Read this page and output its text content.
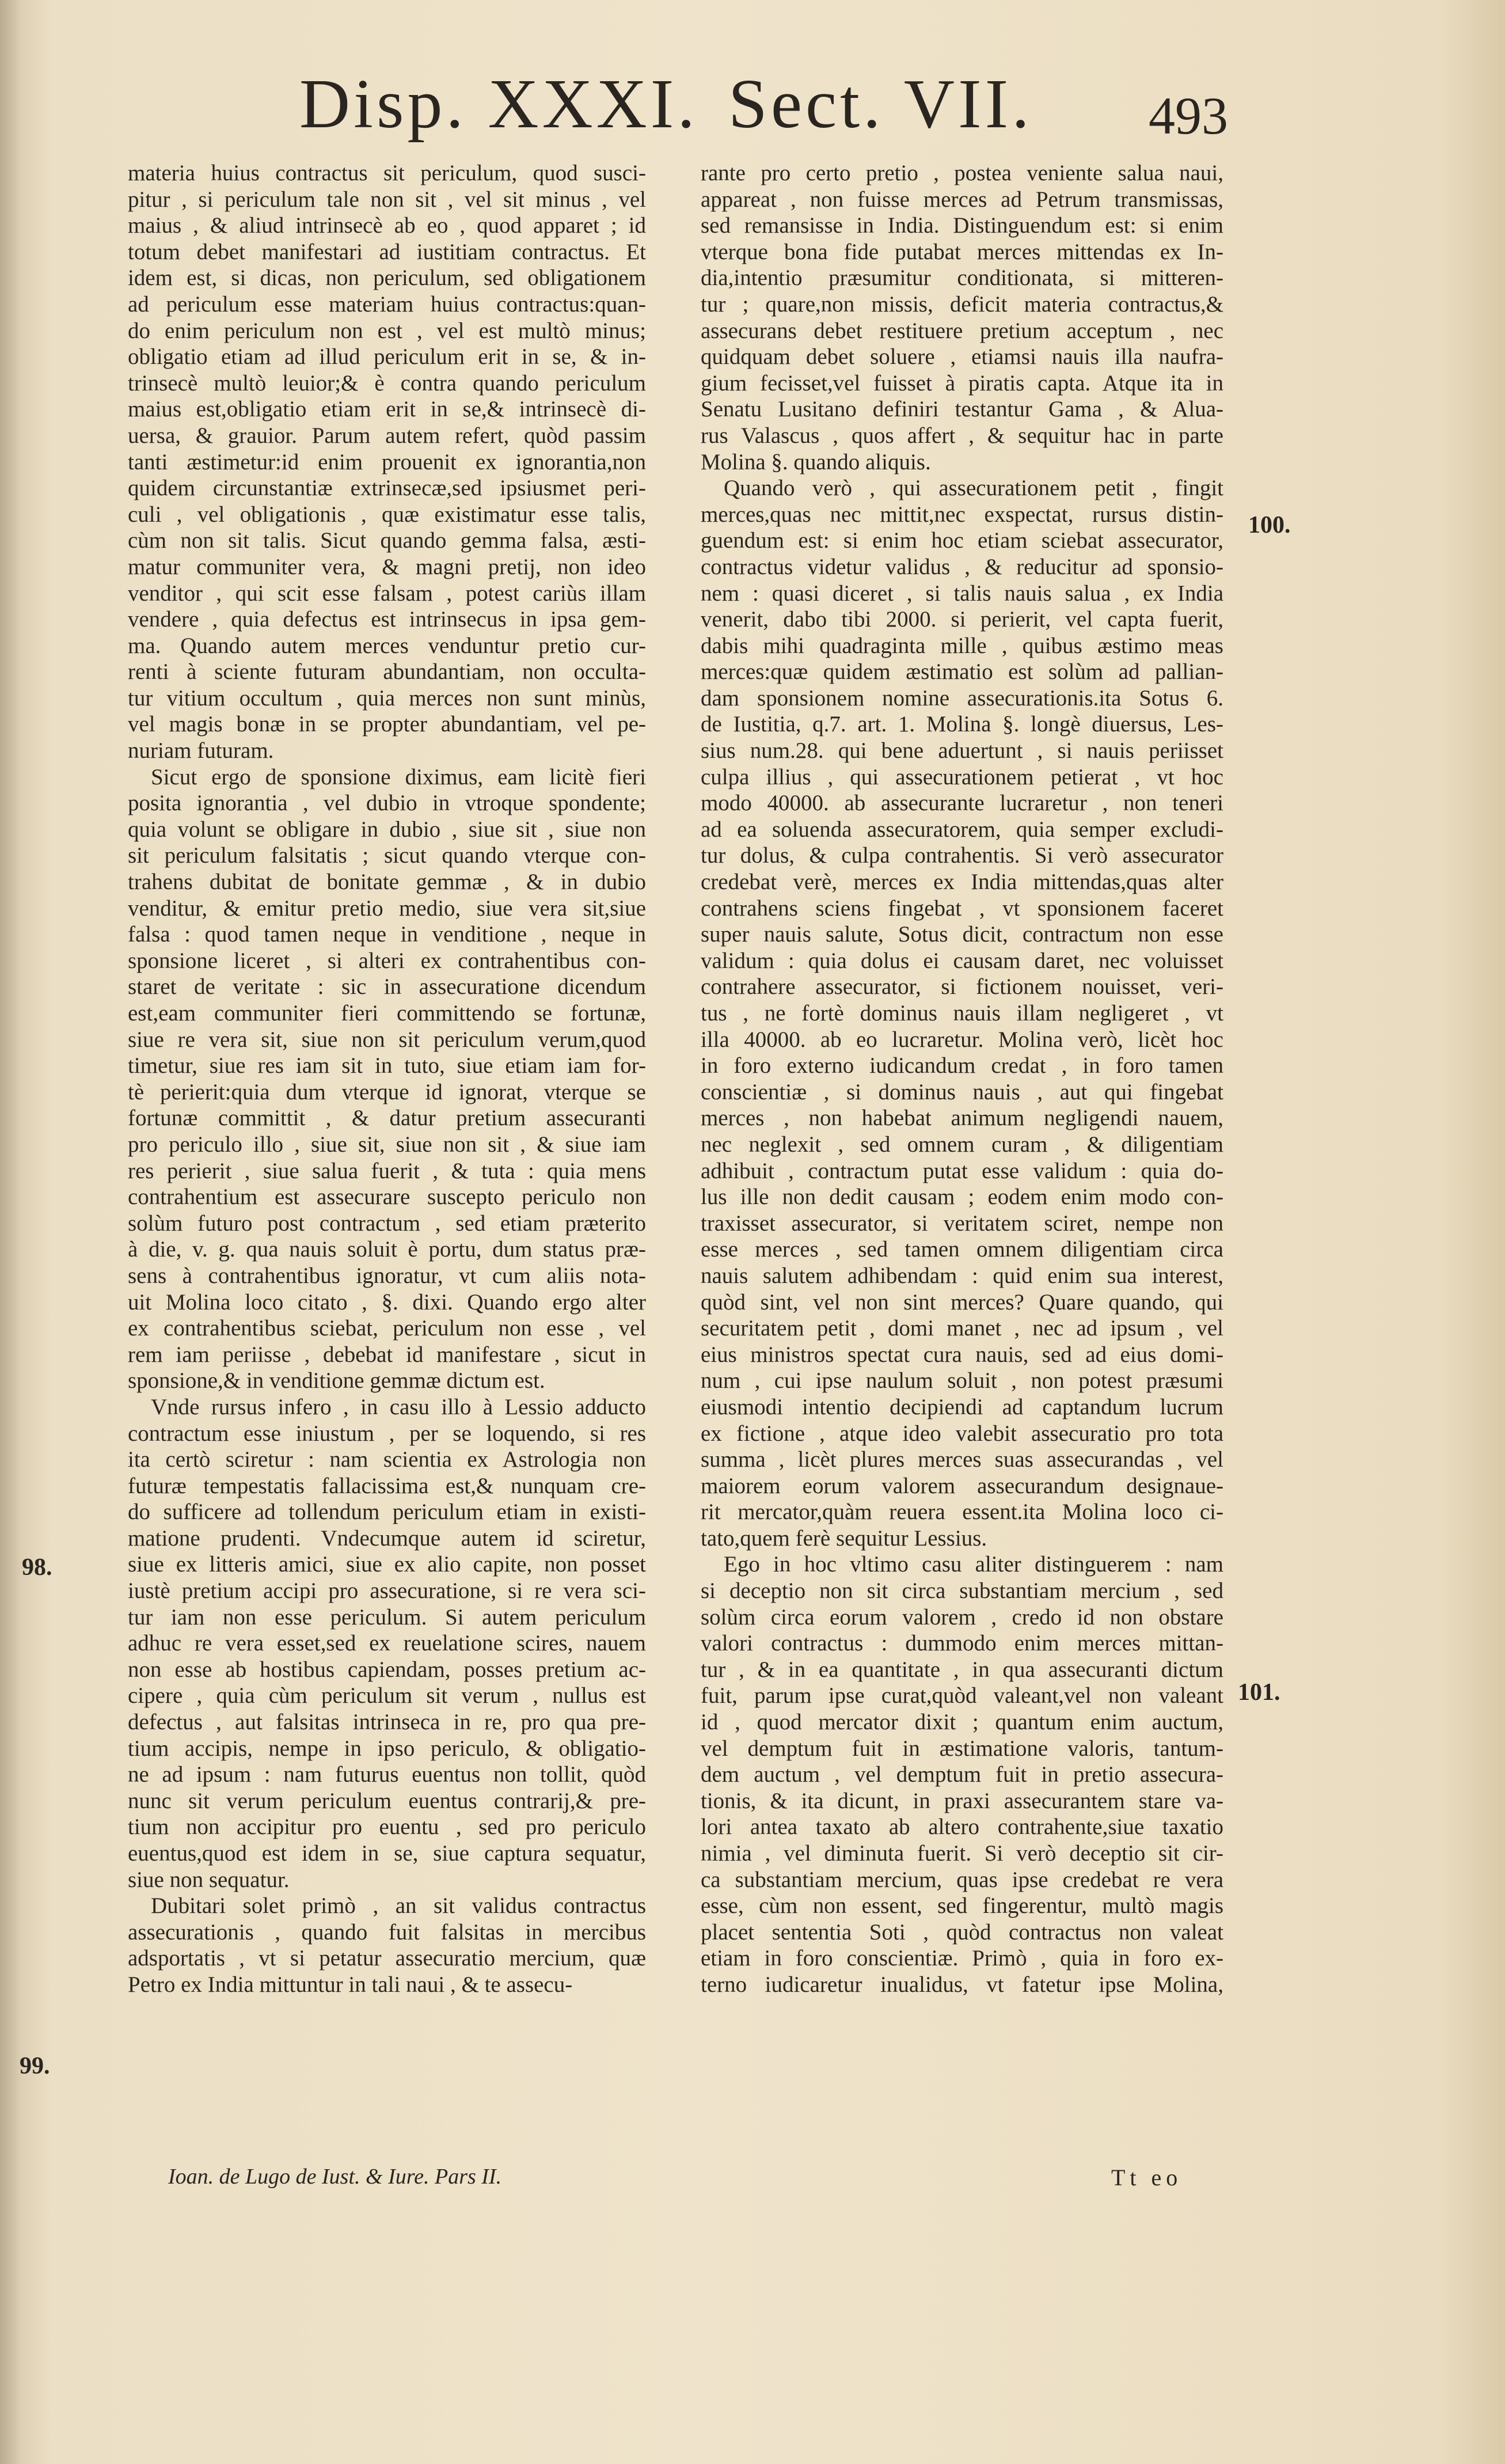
Disp. XXXI. Sect. VII. 493
materia huius contractus sit periculum, quod susci-
pitur , si periculum tale non sit , vel sit minus , vel
maius , & aliud intrinsecè ab eo , quod apparet ; id
totum debet manifestari ad iustitiam contractus. Et
idem est, si dicas, non periculum, sed obligationem
ad periculum esse materiam huius contractus:quan-
do enim periculum non est , vel est multò minus;
obligatio etiam ad illud periculum erit in se, & in-
trinsecè multò leuior;& è contra quando periculum
maius est,obligatio etiam erit in se,& intrinsecè di-
uersa, & grauior. Parum autem refert, quòd passim
tanti æstimetur:id enim prouenit ex ignorantia,non
quidem circunstantiæ extrinsecæ,sed ipsiusmet peri-
culi , vel obligationis , quæ existimatur esse talis,
cùm non sit talis. Sicut quando gemma falsa, æsti-
matur communiter vera, & magni pretij, non ideo
venditor , qui scit esse falsam , potest cariùs illam
vendere , quia defectus est intrinsecus in ipsa gem-
ma. Quando autem merces venduntur pretio cur-
renti à sciente futuram abundantiam, non occulta-
tur vitium occultum , quia merces non sunt minùs,
vel magis bonæ in se propter abundantiam, vel pe-
nuriam futuram.
Sicut ergo de sponsione diximus, eam licitè fieri
posita ignorantia , vel dubio in vtroque spondente;
quia volunt se obligare in dubio , siue sit , siue non
sit periculum falsitatis ; sicut quando vterque con-
trahens dubitat de bonitate gemmæ , & in dubio
venditur, & emitur pretio medio, siue vera sit,siue
falsa : quod tamen neque in venditione , neque in
sponsione liceret , si alteri ex contrahentibus con-
staret de veritate : sic in assecuratione dicendum
est,eam communiter fieri committendo se fortunæ,
siue re vera sit, siue non sit periculum verum,quod
timetur, siue res iam sit in tuto, siue etiam iam for-
tè perierit:quia dum vterque id ignorat, vterque se
fortunæ committit , & datur pretium assecuranti
pro periculo illo , siue sit, siue non sit , & siue iam
res perierit , siue salua fuerit , & tuta : quia mens
contrahentium est assecurare suscepto periculo non
solùm futuro post contractum , sed etiam præterito
à die, v. g. qua nauis soluit è portu, dum status præ-
sens à contrahentibus ignoratur, vt cum aliis nota-
uit Molina loco citato , §. dixi. Quando ergo alter
ex contrahentibus sciebat, periculum non esse , vel
rem iam periisse , debebat id manifestare , sicut in
sponsione,& in venditione gemmæ dictum est.
Vnde rursus infero , in casu illo à Lessio adducto
contractum esse iniustum , per se loquendo, si res
ita certò sciretur : nam scientia ex Astrologia non
futuræ tempestatis fallacissima est,& nunquam cre-
do sufficere ad tollendum periculum etiam in existi-
matione prudenti. Vndecumque autem id sciretur,
siue ex litteris amici, siue ex alio capite, non posset
iustè pretium accipi pro assecuratione, si re vera sci-
tur iam non esse periculum. Si autem periculum
adhuc re vera esset,sed ex reuelatione scires, nauem
non esse ab hostibus capiendam, posses pretium ac-
cipere , quia cùm periculum sit verum , nullus est
defectus , aut falsitas intrinseca in re, pro qua pre-
tium accipis, nempe in ipso periculo, & obligatio-
ne ad ipsum : nam futurus euentus non tollit, quòd
nunc sit verum periculum euentus contrarij,& pre-
tium non accipitur pro euentu , sed pro periculo
euentus,quod est idem in se, siue captura sequatur,
siue non sequatur.
Dubitari solet primò , an sit validus contractus
assecurationis , quando fuit falsitas in mercibus
adsportatis , vt si petatur assecuratio mercium, quæ
Petro ex India mittuntur in tali naui , & te assecu-
rante pro certo pretio , postea veniente salua naui,
appareat , non fuisse merces ad Petrum transmissas,
sed remansisse in India. Distinguendum est: si enim
vterque bona fide putabat merces mittendas ex In-
dia,intentio præsumitur conditionata, si mitteren-
tur ; quare,non missis, deficit materia contractus,&
assecurans debet restituere pretium acceptum , nec
quidquam debet soluere , etiamsi nauis illa naufra-
gium fecisset,vel fuisset à piratis capta. Atque ita in
Senatu Lusitano definiri testantur Gama , & Alua-
rus Valascus , quos affert , & sequitur hac in parte
Molina §. quando aliquis.
Quando verò , qui assecurationem petit , fingit
merces,quas nec mittit,nec exspectat, rursus distin-
guendum est: si enim hoc etiam sciebat assecurator,
contractus videtur validus , & reducitur ad sponsio-
nem : quasi diceret , si talis nauis salua , ex India
venerit, dabo tibi 2000. si perierit, vel capta fuerit,
dabis mihi quadraginta mille , quibus æstimo meas
merces:quæ quidem æstimatio est solùm ad pallian-
dam sponsionem nomine assecurationis.ita Sotus 6.
de Iustitia, q.7. art. 1. Molina §. longè diuersus, Les-
sius num.28. qui bene aduertunt , si nauis periisset
culpa illius , qui assecurationem petierat , vt hoc
modo 40000. ab assecurante lucraretur , non teneri
ad ea soluenda assecuratorem, quia semper excludi-
tur dolus, & culpa contrahentis. Si verò assecurator
credebat verè, merces ex India mittendas,quas alter
contrahens sciens fingebat , vt sponsionem faceret
super nauis salute, Sotus dicit, contractum non esse
validum : quia dolus ei causam daret, nec voluisset
contrahere assecurator, si fictionem nouisset, veri-
tus , ne fortè dominus nauis illam negligeret , vt
illa 40000. ab eo lucraretur. Molina verò, licèt hoc
in foro externo iudicandum credat , in foro tamen
conscientiæ , si dominus nauis , aut qui fingebat
merces , non habebat animum negligendi nauem,
nec neglexit , sed omnem curam , & diligentiam
adhibuit , contractum putat esse validum : quia do-
lus ille non dedit causam ; eodem enim modo con-
traxisset assecurator, si veritatem sciret, nempe non
esse merces , sed tamen omnem diligentiam circa
nauis salutem adhibendam : quid enim sua interest,
quòd sint, vel non sint merces? Quare quando, qui
securitatem petit , domi manet , nec ad ipsum , vel
eius ministros spectat cura nauis, sed ad eius domi-
num , cui ipse naulum soluit , non potest præsumi
eiusmodi intentio decipiendi ad captandum lucrum
ex fictione , atque ideo valebit assecuratio pro tota
summa , licèt plures merces suas assecurandas , vel
maiorem eorum valorem assecurandum designaue-
rit mercator,quàm reuera essent.ita Molina loco ci-
tato,quem ferè sequitur Lessius.
Ego in hoc vltimo casu aliter distinguerem : nam
si deceptio non sit circa substantiam mercium , sed
solùm circa eorum valorem , credo id non obstare
valori contractus : dummodo enim merces mittan-
tur , & in ea quantitate , in qua assecuranti dictum
fuit, parum ipse curat,quòd valeant,vel non valeant
id , quod mercator dixit ; quantum enim auctum,
vel demptum fuit in æstimatione valoris, tantum-
dem auctum , vel demptum fuit in pretio assecura-
tionis, & ita dicunt, in praxi assecurantem stare va-
lori antea taxato ab altero contrahente,siue taxatio
nimia , vel diminuta fuerit. Si verò deceptio sit cir-
ca substantiam mercium, quas ipse credebat re vera
esse, cùm non essent, sed fingerentur, multò magis
placet sententia Soti , quòd contractus non valeat
etiam in foro conscientiæ. Primò , quia in foro ex-
terno iudicaretur inualidus, vt fatetur ipse Molina,
98.
99.
100.
101.
Ioan. de Lugo de Iust. & Iure. Pars II.	Tt eo
